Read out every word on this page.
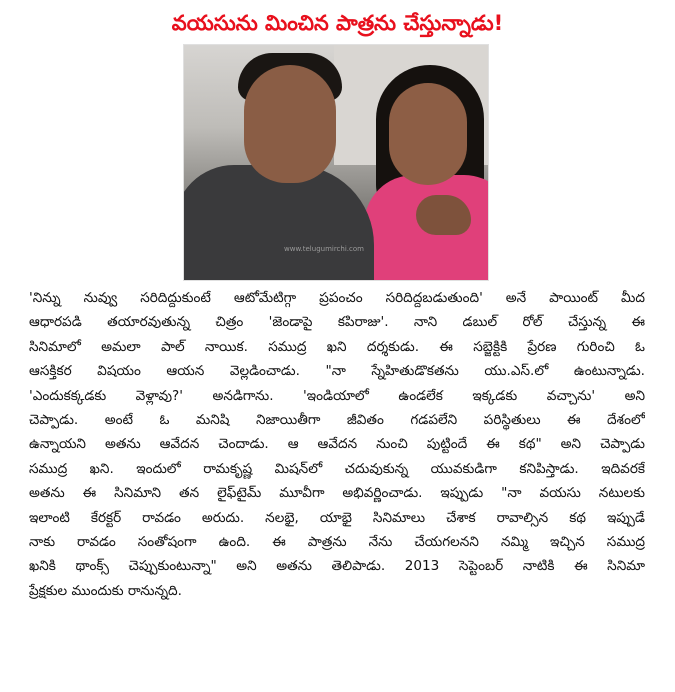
వయసును మించిన పాత్రను చేస్తున్నాడు!
www.telugumirchi.com
'నిన్ను నువ్వు సరిదిద్దుకుంటే ఆటోమేటిగ్గా ప్రపంచం సరిదిద్దబడుతుంది' అనే పాయింట్ మీద
ఆధారపడి తయారవుతున్న చిత్రం 'జెండాపై కపిరాజు'. నాని డబుల్ రోల్ చేస్తున్న ఈ
సినిమాలో అమలా పాల్ నాయిక. సముద్ర ఖని దర్శకుడు. ఈ సబ్జెక్టికి ప్రేరణ గురించి ఓ
ఆసక్తికర విషయం ఆయన వెల్లడించాడు. "నా స్నేహితుడొకతను యు.ఎస్.లో ఉంటున్నాడు.
'ఎందుకక్కడకు వెళ్లావు?' అనడిగాను. 'ఇండియాలో ఉండలేక ఇక్కడకు వచ్చాను' అని
చెప్పాడు. అంటే ఓ మనిషి నిజాయితీగా జీవితం గడపలేని పరిస్థితులు ఈ దేశంలో
ఉన్నాయని అతను ఆవేదన చెందాడు. ఆ ఆవేదన నుంచి పుట్టిందే ఈ కథ" అని చెప్పాడు
సముద్ర ఖని. ఇందులో రామకృష్ణ మిషన్‌లో చదువుకున్న యువకుడిగా కనిపిస్తాడు. ఇదివరకే
అతను ఈ సినిమాని తన లైఫ్‌టైమ్ మూవీగా అభివర్ణించాడు. ఇప్పుడు "నా వయసు నటులకు
ఇలాంటి కేరక్టర్ రావడం అరుదు. నలభై, యాభై సినిమాలు చేశాక రావాల్సిన కథ ఇప్పుడే
నాకు రావడం సంతోషంగా ఉంది. ఈ పాత్రను నేను చేయగలనని నమ్మి ఇచ్చిన సముద్ర
ఖనికి థాంక్స్ చెప్పుకుంటున్నా" అని అతను తెలిపాడు. 2013 సెప్టెంబర్ నాటికి ఈ సినిమా
ప్రేక్షకుల ముందుకు రానున్నది.
